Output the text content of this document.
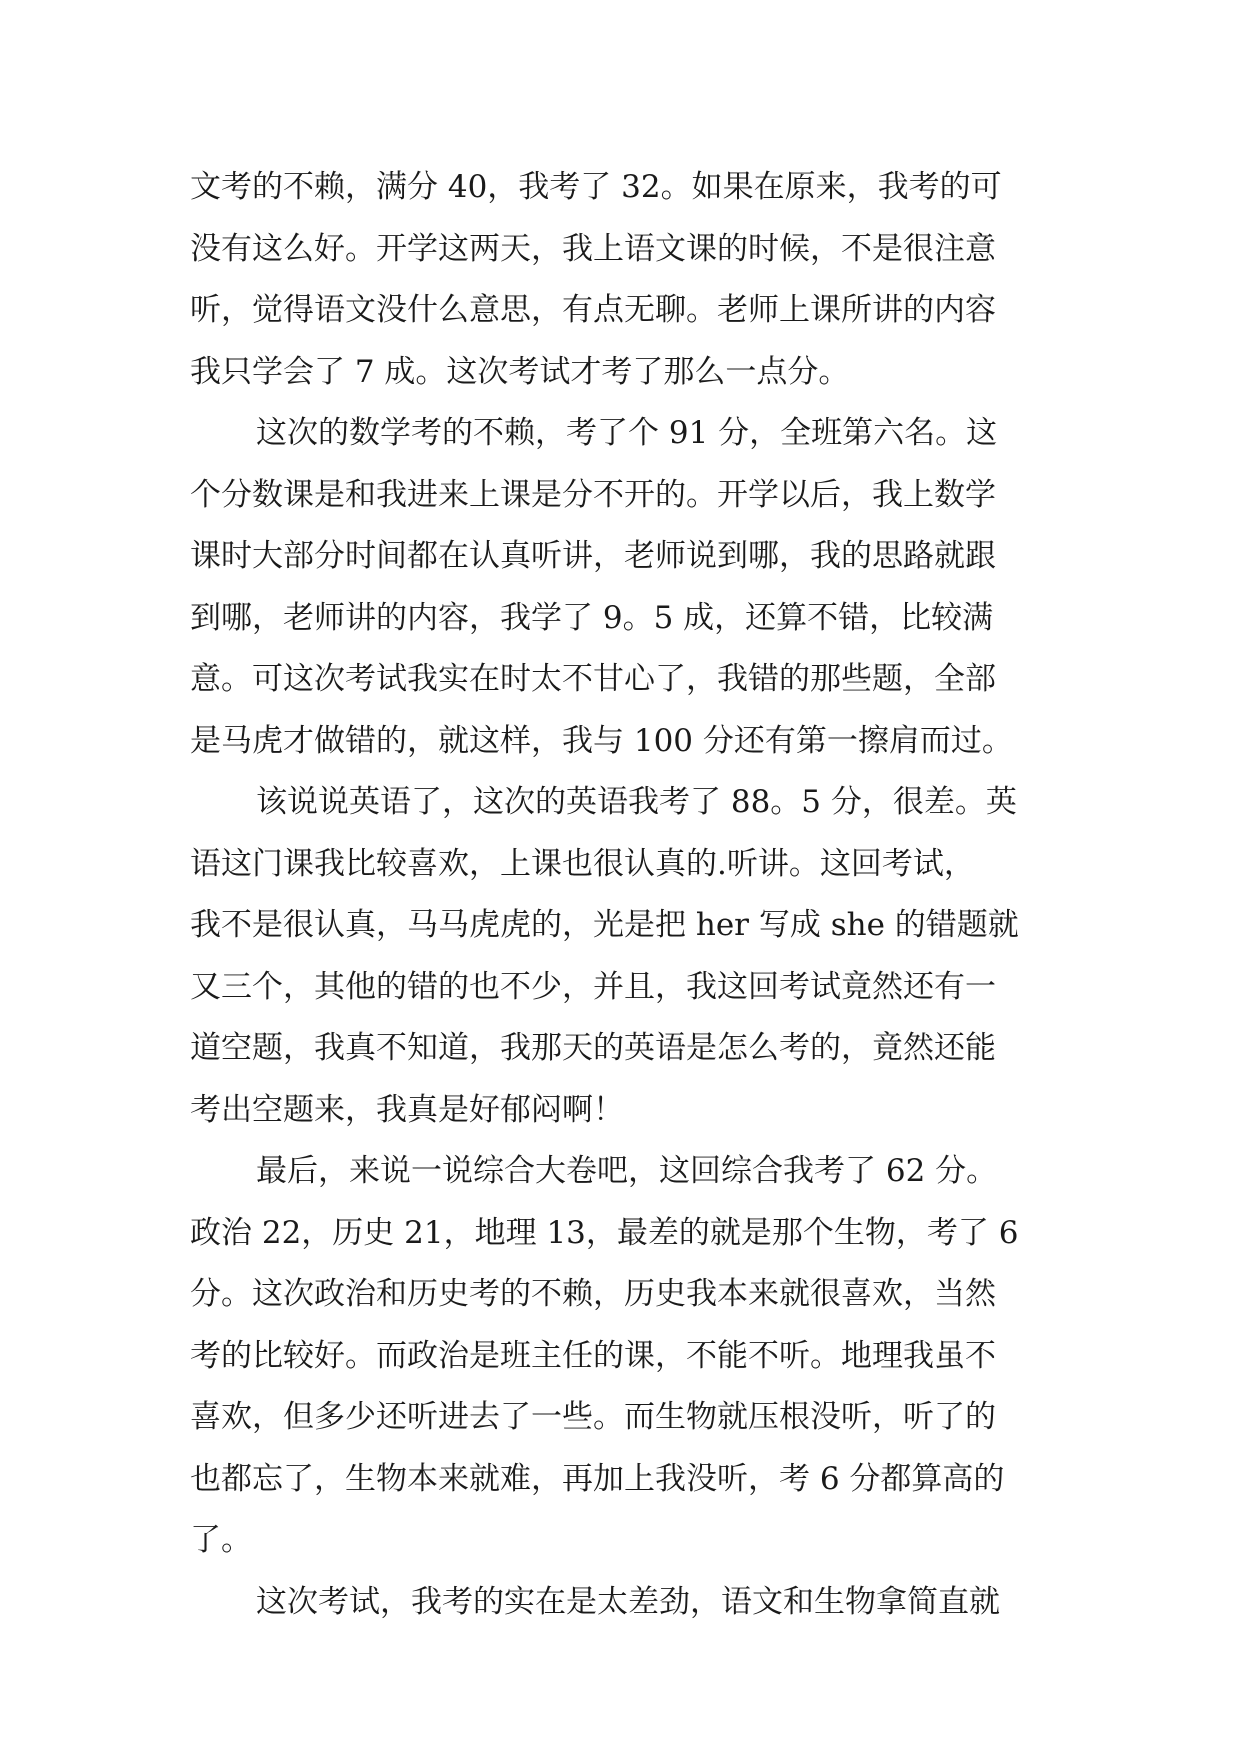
文考的不赖，满分 40，我考了 32。如果在原来，我考的可
没有这么好。开学这两天，我上语文课的时候，不是很注意
听，觉得语文没什么意思，有点无聊。老师上课所讲的内容
我只学会了 7 成。这次考试才考了那么一点分。
这次的数学考的不赖，考了个 91 分，全班第六名。这
个分数课是和我进来上课是分不开的。开学以后，我上数学
课时大部分时间都在认真听讲，老师说到哪，我的思路就跟
到哪，老师讲的内容，我学了 9。5 成，还算不错，比较满
意。可这次考试我实在时太不甘心了，我错的那些题，全部
是马虎才做错的，就这样，我与 100 分还有第一擦肩而过。
该说说英语了，这次的英语我考了 88。5 分，很差。英
语这门课我比较喜欢，上课也很认真的.听讲。这回考试，
我不是很认真，马马虎虎的，光是把 her 写成 she 的错题就
又三个，其他的错的也不少，并且，我这回考试竟然还有一
道空题，我真不知道，我那天的英语是怎么考的，竟然还能
考出空题来，我真是好郁闷啊！
最后，来说一说综合大卷吧，这回综合我考了 62 分。
政治 22，历史 21，地理 13，最差的就是那个生物，考了 6
分。这次政治和历史考的不赖，历史我本来就很喜欢，当然
考的比较好。而政治是班主任的课，不能不听。地理我虽不
喜欢，但多少还听进去了一些。而生物就压根没听，听了的
也都忘了，生物本来就难，再加上我没听，考 6 分都算高的
了。
这次考试，我考的实在是太差劲，语文和生物拿简直就
